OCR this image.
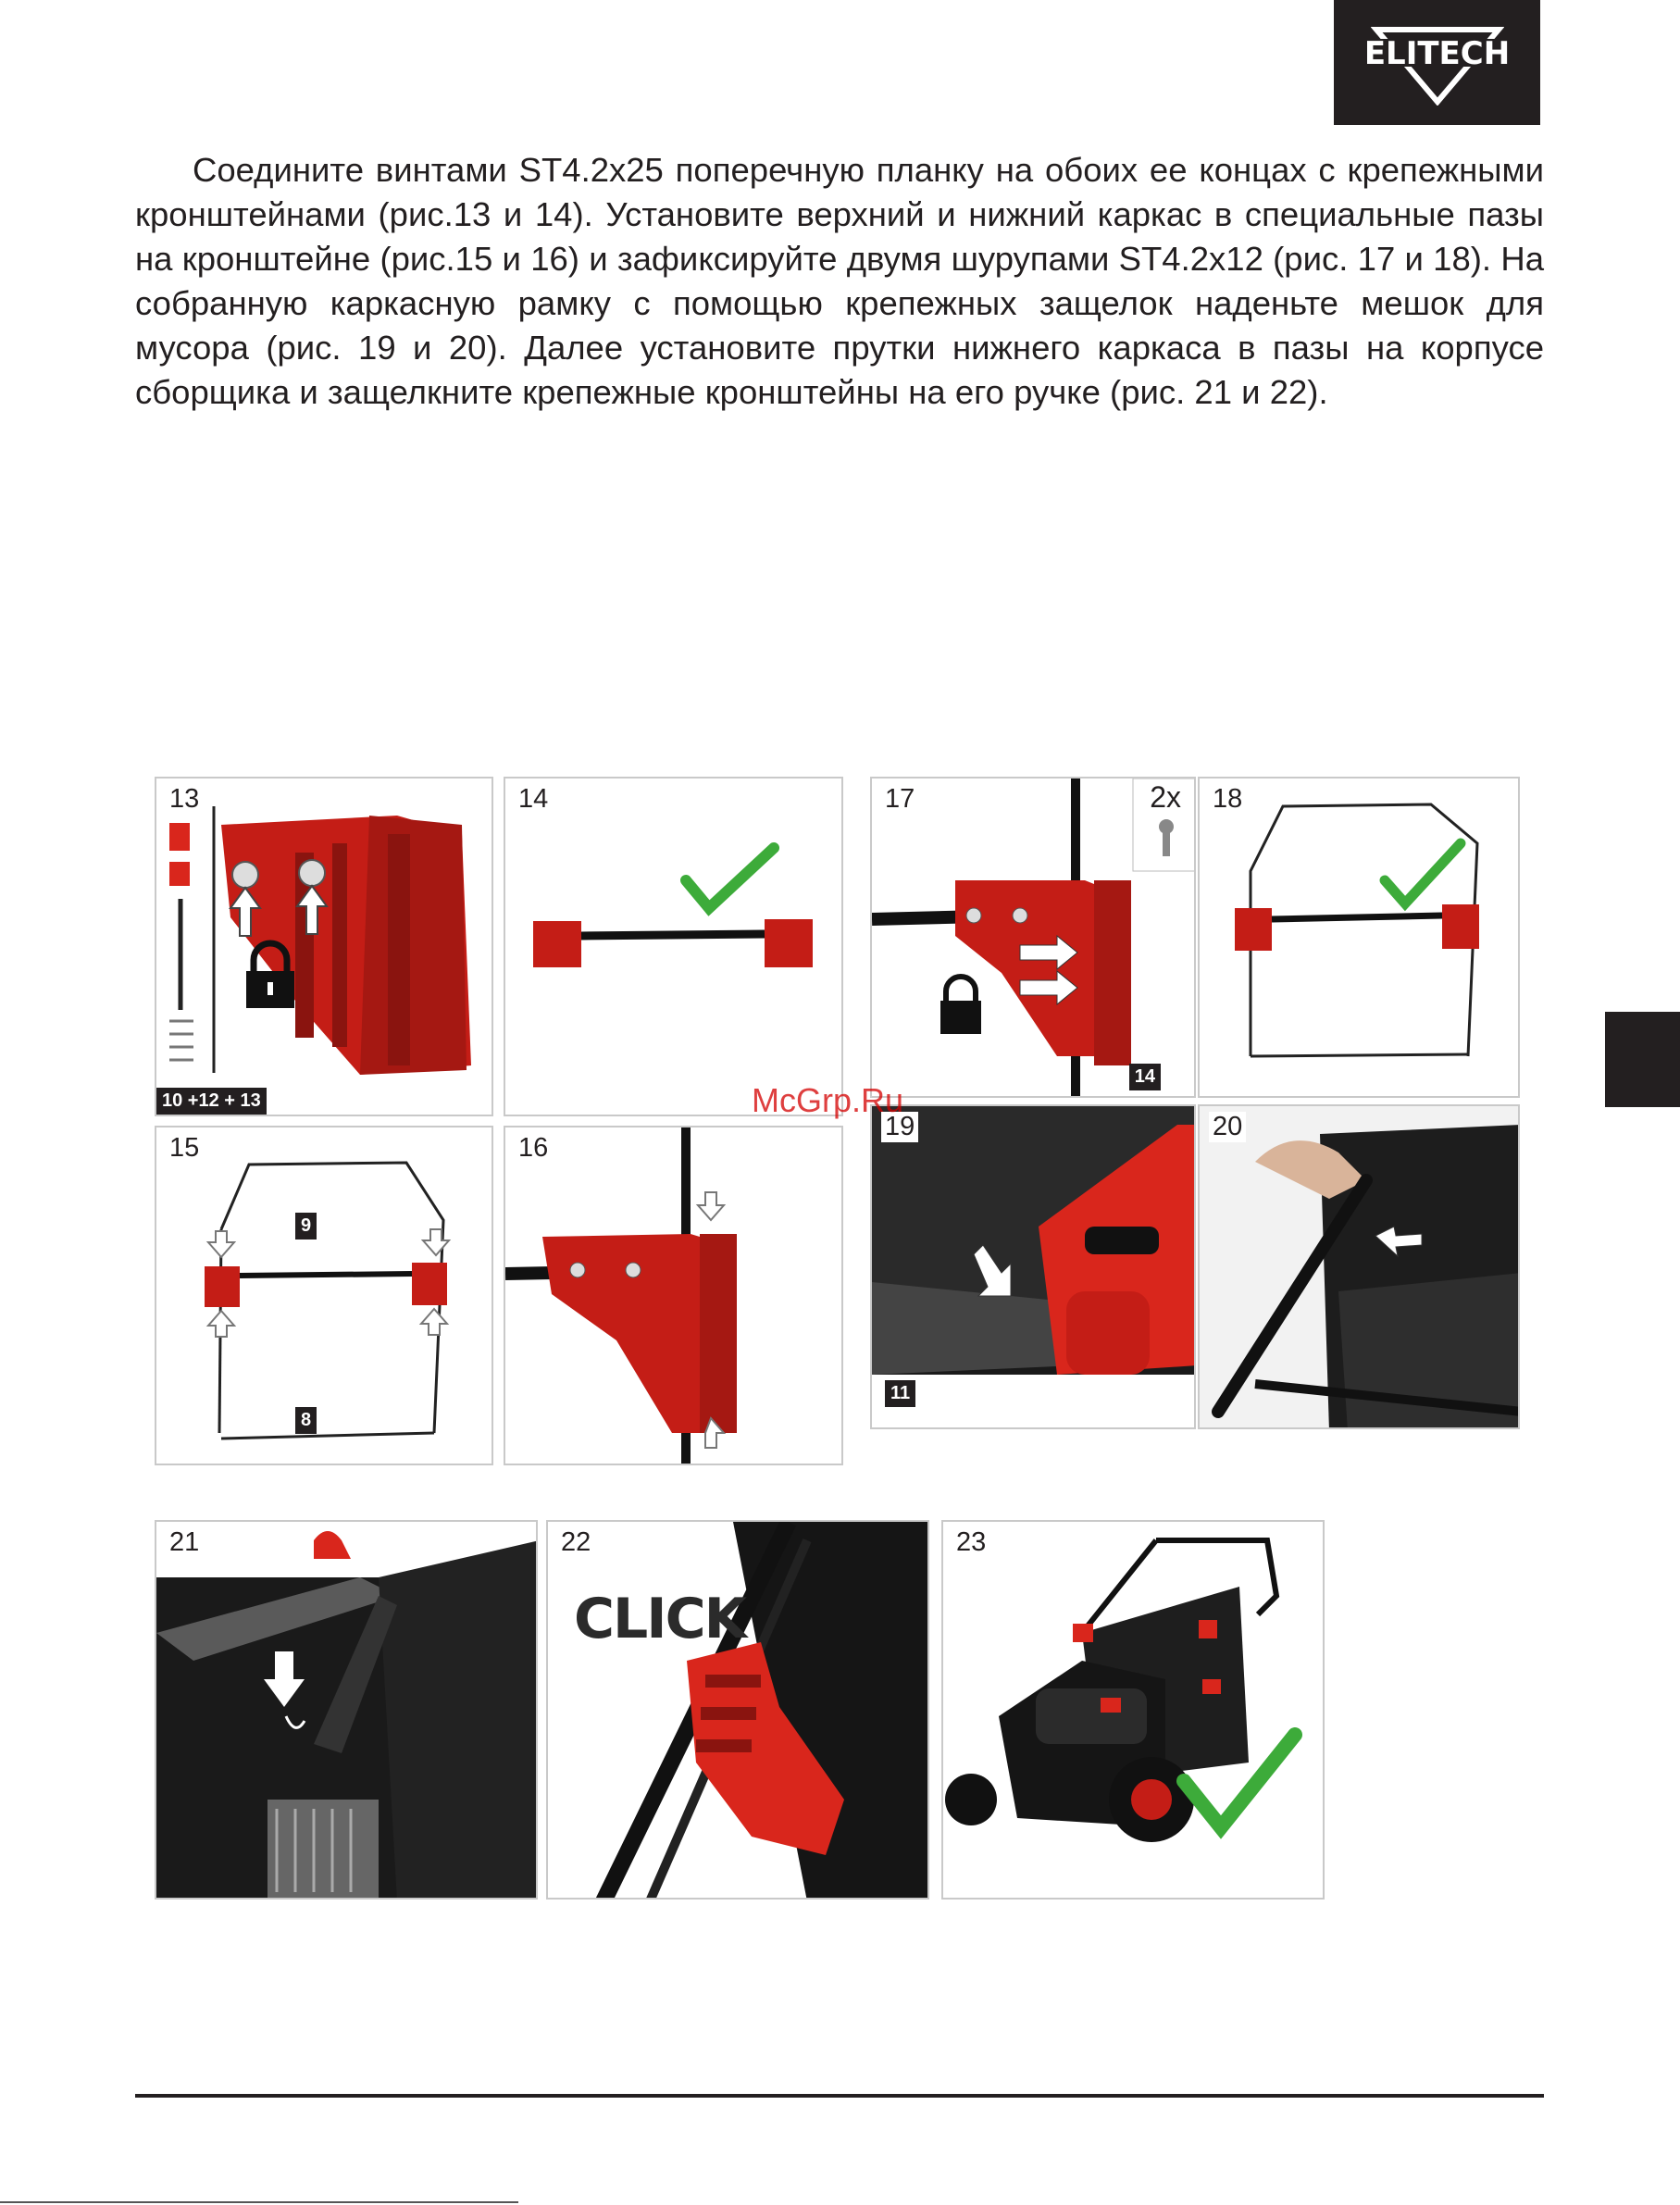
ELITECH

Соедините винтами ST4.2x25 поперечную планку на обоих ее концах с крепежными кронштейнами (рис.13 и 14). Установите верхний и нижний каркас в специальные пазы на кронштейне (рис.15 и 16) и зафиксируйте двумя шурупами ST4.2x12 (рис. 17 и 18). На собранную каркасную рамку с помощью крепежных защелок наденьте мешок для мусора (рис. 19 и 20). Далее установите прутки нижнего каркаса в пазы на корпусе сборщика и защелкните крепежные кронштейны на его ручке (рис. 21 и 22).

13
10 +12 + 13
14	17	2x
14
18
15
9
8
16
19
11
20
21	22
CLICK
23
McGrp.Ru
